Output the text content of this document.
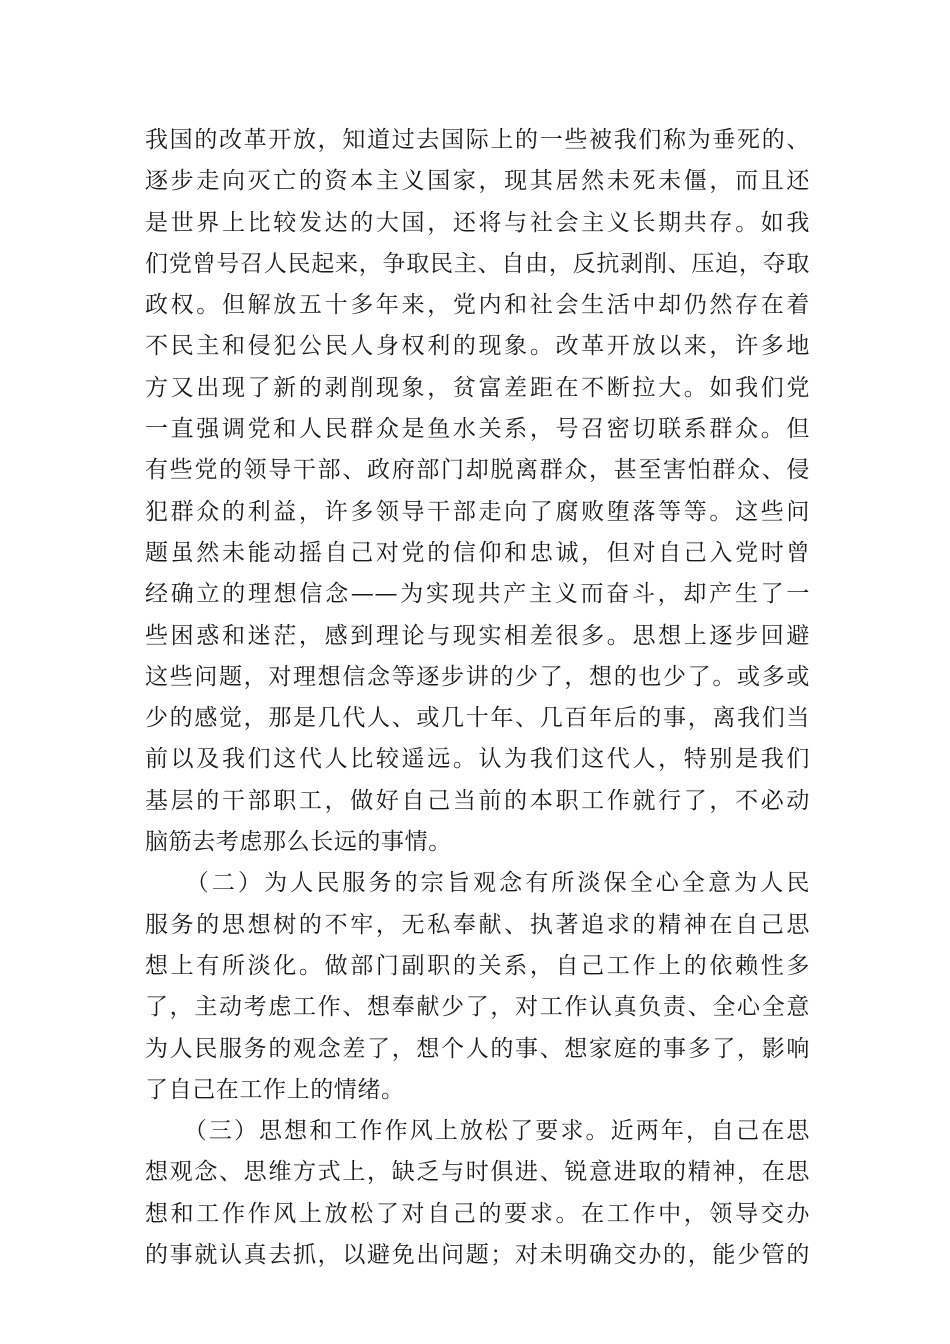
我国的改革开放，知道过去国际上的一些被我们称为垂死的、
逐步走向灭亡的资本主义国家，现其居然未死未僵，而且还
是世界上比较发达的大国，还将与社会主义长期共存。如我
们党曾号召人民起来，争取民主、自由，反抗剥削、压迫，夺取
政权。但解放五十多年来，党内和社会生活中却仍然存在着
不民主和侵犯公民人身权利的现象。改革开放以来，许多地
方又出现了新的剥削现象，贫富差距在不断拉大。如我们党
一直强调党和人民群众是鱼水关系，号召密切联系群众。但
有些党的领导干部、政府部门却脱离群众，甚至害怕群众、侵
犯群众的利益，许多领导干部走向了腐败堕落等等。这些问
题虽然未能动摇自己对党的信仰和忠诚，但对自己入党时曾
经确立的理想信念——为实现共产主义而奋斗，却产生了一
些困惑和迷茫，感到理论与现实相差很多。思想上逐步回避
这些问题，对理想信念等逐步讲的少了，想的也少了。或多或
少的感觉，那是几代人、或几十年、几百年后的事，离我们当
前以及我们这代人比较遥远。认为我们这代人，特别是我们
基层的干部职工，做好自己当前的本职工作就行了，不必动
脑筋去考虑那么长远的事情。
　　（二）为人民服务的宗旨观念有所淡保全心全意为人民
服务的思想树的不牢，无私奉献、执著追求的精神在自己思
想上有所淡化。做部门副职的关系，自己工作上的依赖性多
了，主动考虑工作、想奉献少了，对工作认真负责、全心全意
为人民服务的观念差了，想个人的事、想家庭的事多了，影响
了自己在工作上的情绪。
　　（三）思想和工作作风上放松了要求。近两年，自己在思
想观念、思维方式上，缺乏与时俱进、锐意进取的精神，在思
想和工作作风上放松了对自己的要求。在工作中，领导交办
的事就认真去抓，以避免出问题；对未明确交办的，能少管的
